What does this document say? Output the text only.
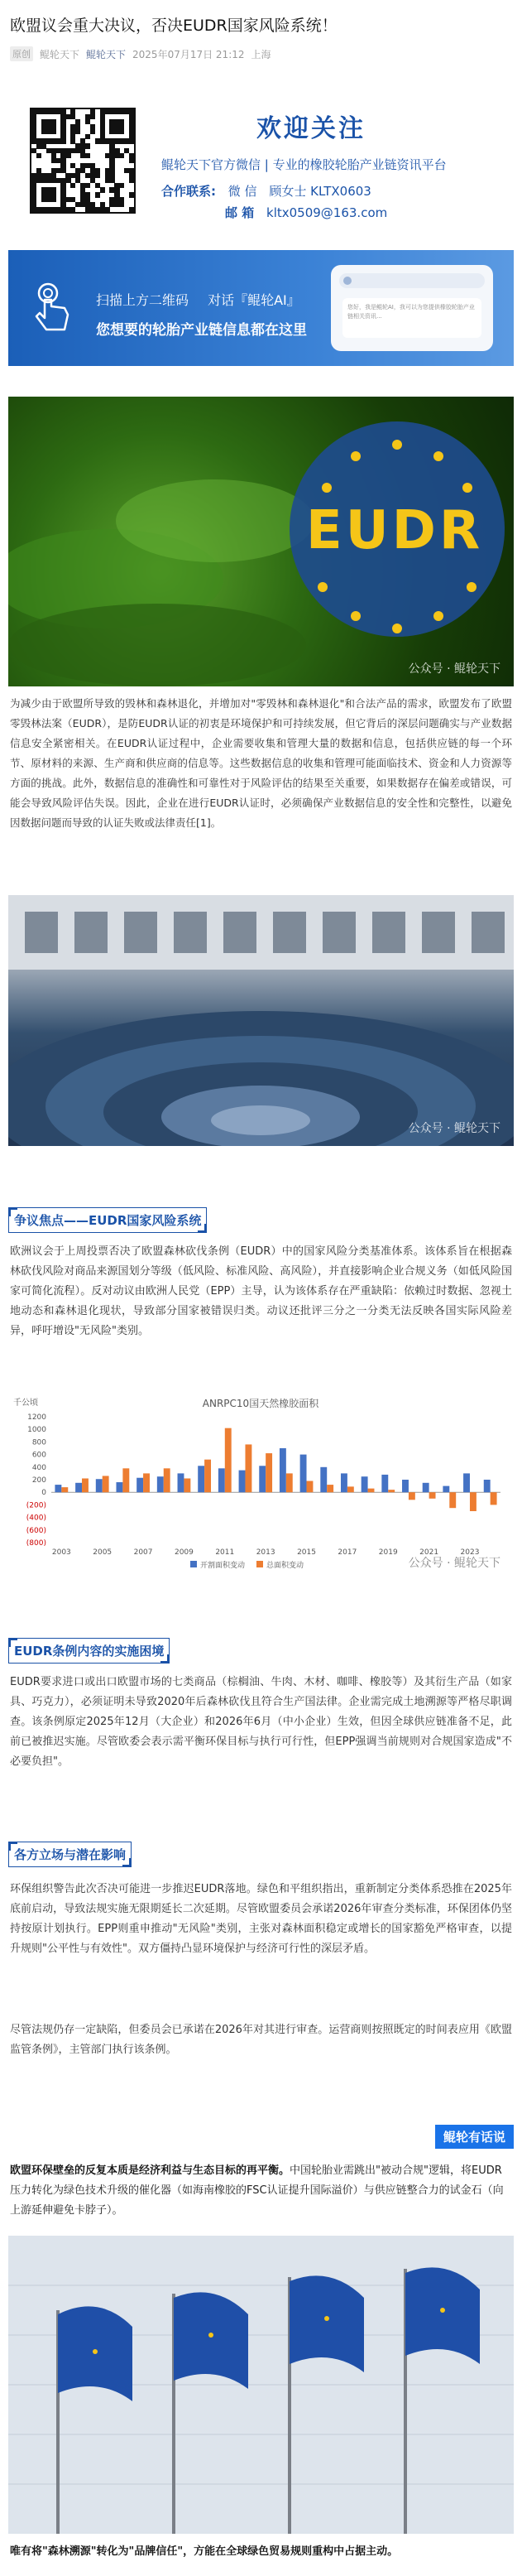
欧盟议会重大决议，否决EUDR国家风险系统！
原创 鲲轮天下 鲲轮天下 2025年07月17日 21:12 上海
欢迎关注
鲲轮天下官方微信 | 专业的橡胶轮胎产业链资讯平台
合作联系: 微 信 顾女士 KLTX0603
邮 箱 kltx0509@163.com
扫描上方二维码 对话『鲲轮AI』
您想要的轮胎产业链信息都在这里
您好，我是鲲轮AI，我可以为您提供橡胶轮胎产业链相关资讯...
EUDR
公众号 · 鲲轮天下
为减少由于欧盟所导致的毁林和森林退化，并增加对"零毁林和森林退化"和合法产品的需求，欧盟发布了欧盟零毁林法案（EUDR），是防EUDR认证的初衷是环境保护和可持续发展，但它背后的深层问题确实与产业数据信息安全紧密相关。在EUDR认证过程中，企业需要收集和管理大量的数据和信息，包括供应链的每一个环节、原材料的来源、生产商和供应商的信息等。这些数据信息的收集和管理可能面临技术、资金和人力资源等方面的挑战。此外，数据信息的准确性和可靠性对于风险评估的结果至关重要，如果数据存在偏差或错误，可能会导致风险评估失误。因此，企业在进行EUDR认证时，必须确保产业数据信息的安全性和完整性，以避免因数据问题而导致的认证失败或法律责任[1]。
公众号 · 鲲轮天下
争议焦点——EUDR国家风险系统
欧洲议会于上周投票否决了欧盟森林砍伐条例（EUDR）中的国家风险分类基准体系。该体系旨在根据森林砍伐风险对商品来源国划分等级（低风险、标准风险、高风险），并直接影响企业合规义务（如低风险国家可简化流程）。反对动议由欧洲人民党（EPP）主导，认为该体系存在严重缺陷：依赖过时数据、忽视土地动态和森林退化现状，导致部分国家被错误归类。动议还批评三分之一分类无法反映各国实际风险差异，呼吁增设"无风险"类别。
ANRPC10国天然橡胶面积
千公顷
1200
1000
800
600
400
200
0
(200)
(400)
(600)
(800)
2003	2005	2007	2009	2011	2013	2015	2017	2019	2021	2023
开割面积变动	总面积变动	公众号 · 鲲轮天下
EUDR条例内容的实施困境
EUDR要求进口或出口欧盟市场的七类商品（棕榈油、牛肉、木材、咖啡、橡胶等）及其衍生产品（如家具、巧克力），必须证明未导致2020年后森林砍伐且符合生产国法律。企业需完成土地溯源等严格尽职调查。该条例原定2025年12月（大企业）和2026年6月（中小企业）生效，但因全球供应链准备不足，此前已被推迟实施。尽管欧委会表示需平衡环保目标与执行可行性，但EPP强调当前规则对合规国家造成"不必要负担"。
各方立场与潜在影响
环保组织警告此次否决可能进一步推迟EUDR落地。绿色和平组织指出，重新制定分类体系恐推在2025年底前启动，导致法规实施无限期延长二次延期。尽管欧盟委员会承诺2026年审查分类标准，环保团体仍坚持按原计划执行。EPP则重申推动"无风险"类别，主张对森林面积稳定或增长的国家豁免严格审查，以提升规则"公平性与有效性"。双方僵持凸显环境保护与经济可行性的深层矛盾。
尽管法规仍存一定缺陷，但委员会已承诺在2026年对其进行审查。运营商则按照既定的时间表应用《欧盟监管条例》，主管部门执行该条例。
鲲轮有话说
欧盟环保壁垒的反复本质是经济利益与生态目标的再平衡。中国轮胎业需跳出"被动合规"逻辑，将EUDR压力转化为绿色技术升级的催化器（如海南橡胶的FSC认证提升国际溢价）与供应链整合力的试金石（向上游延伸避免卡脖子）。
唯有将"森林溯源"转化为"品牌信任"，方能在全球绿色贸易规则重构中占据主动。
